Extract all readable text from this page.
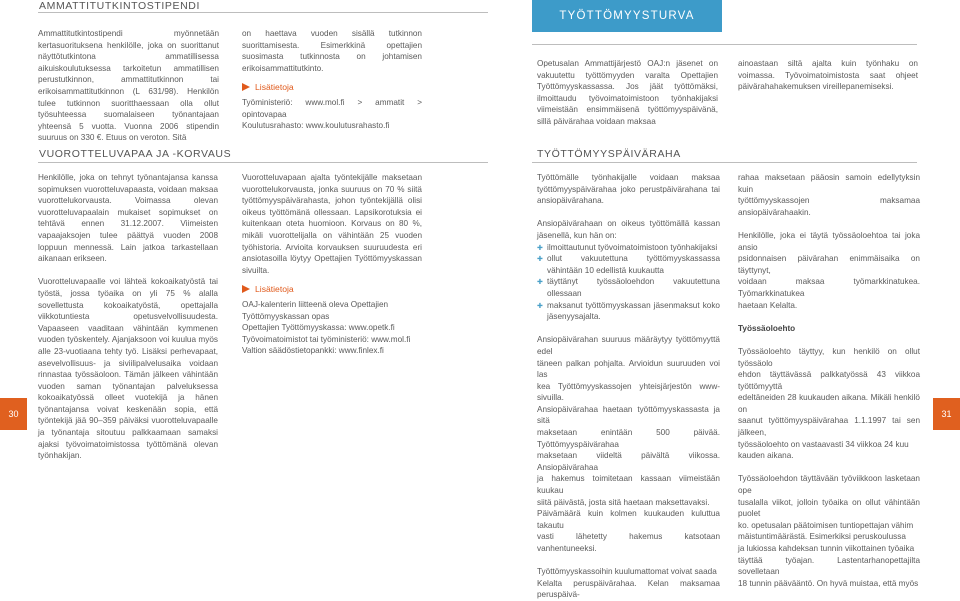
AMMATTITUTKINTOSTIPENDI

Ammattitutkintostipendi myönnetään kertasuorituksena henkilölle, joka on suorittanut näyttötutkintona ammatillisessa aikuiskoulutuksessa tarkoitetun ammatillisen perustutkinnon, ammattitutkinnon tai erikoisammattitutkinnon (L 631/98). Henkilön tulee tutkinnon suoritthaessaan olla ollut työsuhteessa suomalaiseen työnantajaan yhteensä 5 vuotta. Vuonna 2006 stipendin suuruus on 330 €. Etuus on veroton. Sitä

on haettava vuoden sisällä tutkinnon suorittamisesta. Esimerkkinä opettajien suosimasta tutkinnosta on johtamisen erikoisammattitutkinto.

Lisätietoja
Työministeriö: www.mol.fi > ammatit > opintovapaa
Koulutusrahasto: www.koulutusrahasto.fi
VUOROTTELUVAPAA JA -KORVAUS

Henkilölle, joka on tehnyt työnantajansa kanssa sopimuksen vuorotteluvapaasta, voidaan maksaa vuorottelukorvausta. Voimassa olevan vuorotteluvapaalain mukaiset sopimukset on tehtävä ennen 31.12.2007. Viimeisten vapaajaksojen tulee päättyä vuoden 2008 loppuun mennessä. Lain jatkoa tarkastellaan aikanaan erikseen.

Vuorotteluvapaalle voi lähteä kokoaikatyöstä tai työstä, jossa työaika on yli 75 % alalla sovellettusta kokoaikatyöstä, opettajalla viikkotuntiesta opetusvelvollisuudesta. Vapaaseen vaaditaan vähintään kymmenen vuoden työskentely. Ajanjaksoon voi kuulua myös alle 23-vuotiaana tehty työ. Lisäksi perhevapaat, asevelvollisuus- ja siviilipalvelusaika voidaan rinnastaa työssäoloon. Tämän jälkeen vähintään vuoden saman työnantajan palveluksessa kokoaikatyössä olleet vuotekijä ja hänen työnantajansa voivat keskenään sopia, että työntekijä jää 90–359 päiväksi vuorotteluvapaalle ja työnantaja sitoutuu palkkaamaan samaksi ajaksi työvoimatoimistossa työttömänä olevan työnhakijan.

Vuorotteluvapaan ajalta työntekijälle maksetaan vuorottelukorvausta, jonka suuruus on 70 % siitä työttömyyspäivärahasta, johon työntekijällä olisi oikeus työttömänä ollessaan. Lapsikorotuksia ei kuitenkaan oteta huomioon. Korvaus on 80 %, mikäli vuorottelijalla on vähintään 25 vuoden työhistoria. Arvioita korvauksen suuruudesta eri ansiotasoilla löytyy Opettajien Työttömyyskassan sivuilta.

Lisätietoja
OAJ-kalenterin liitteenä oleva Opettajien
Työttömyyskassan opas
Opettajien Työttömyyskassa: www.opetk.fi
Työvoimatoimistot tai työministeriö: www.mol.fi
Valtion säädöstietopankki: www.finlex.fi
30
TYÖTTÖMYYSTURVA

Opetusalan Ammattijärjestö OAJ:n jäsenet on vakuutettu työttömyyden varalta Opettajien Työttömyyskassassa. Jos jäät työttömäksi, ilmoittaudu työvoimatoimistoon työnhakijaksi viimeistään ensimmäisenä työttömyyspäivänä, sillä päivärahaa voidaan maksaa

ainoastaan siltä ajalta kuin työnhaku on voimassa. Työvoimatoimistosta saat ohjeet päivärahahakemuksen vireillepanemiseksi.

TYÖTTÖMYYSPÄIVÄRAHA

Työttömälle työnhakijalle voidaan maksaa työttömyyspäivärahaa joko perustpäivärahana tai ansiopäivärahana.

Ansiopäivärahaan on oikeus työttömällä kassan jäsenellä, kun hän on:

✚ ilmoittautunut työvoimatoimistoon työnhakijaksi
✚ ollut vakuutettuna työttömyyskassassa vähintään 10 edellistä kuukautta
✚ täyttänyt työssäoloehdon vakuutettuna ollessaan
✚ maksanut työttömyyskassan jäsenmaksut koko jäsenyysajalta.
Ansiopäivärahan suuruus määräytyy työttömyyttä edel
täneen palkan pohjalta. Arvioidun suuruuden voi las
kea Työttömyyskassojen yhteisjärjestön www-sivuilla.
Ansiopäivärahaa haetaan työttömyyskassasta ja sitä
maksetaan enintään 500 päivää. Työttömyyspäivärahaa
maksetaan viideltä päivältä viikossa. Ansiopäivärahaa
ja hakemus toimitetaan kassaan viimeistään kuukau
siitä päivästä, josta sitä haetaan maksettavaksi.
Päivämäärä kuin kolmen kuukauden kuluttua takautu
vasti lähetetty hakemus katsotaan vanhentuneeksi.
Työttömyyskassoihin kuulumattomat voivat saada
Kelalta peruspäivärahaa. Kelan maksamaa peruspäivä-
rahaa maksetaan pääosin samoin edellytyksin kuin
työttömyyskassojen maksamaa ansiopäivärahaakin.
Henkilölle, joka ei täytä työssäoloehtoa tai joka ansio
psidonnaisen päivärahan enimmäisaika on täyttynyt,
voidaan maksaa työmarkkinatukea. Työmarkkinatukea
haetaan Kelalta.
Työssäoloehto
Työssäoloehto täyttyy, kun henkilö on ollut työssäolo
ehdon täyttävässä palkkatyössä 43 viikkoa työttömyyttä
edeltäneiden 28 kuukauden aikana. Mikäli henkilö on
saanut työttömyyspäivärahaa 1.1.1997 tai sen jälkeen,
työssäoloehto on vastaavasti 34 viikkoa 24 kuu
kauden aikana.
Työssäoloehdon täyttävään työviikkoon lasketaan ope
tusalalla viikot, jolloin työaika on ollut vähintään puolet
ko. opetusalan päätoimisen tuntiopettajan vähim
mäistuntimäärästä. Esimerkiksi peruskoulussa
ja lukiossa kahdeksan tunnin viikottainen työaika
täyttää työajan. Lastentarhanopettajilta sovelletaan
18 tunnin päävääntö. On hyvä muistaa, että myös
31
